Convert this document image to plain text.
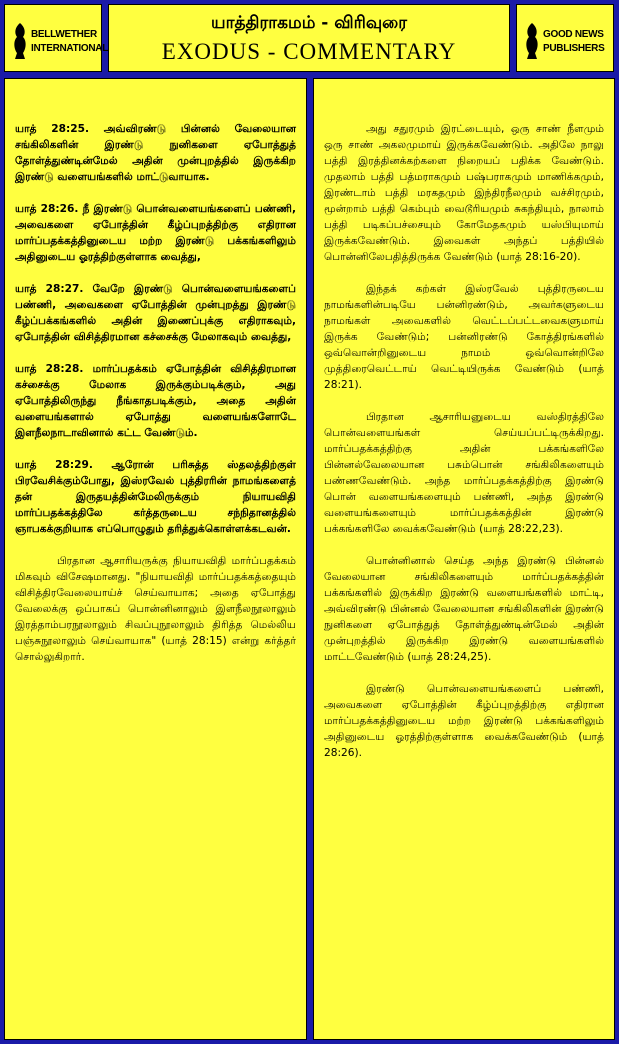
BELLWETHER
INTERNATIONAL
யாத்திராகமம் - விரிவுரை
EXODUS - COMMENTARY
GOOD NEWS
PUBLISHERS

யாத் 28:25. அவ்விரண்டு பின்னல் வேலையான சங்கிலிகளின் இரண்டு நுனிகளை ஏபோத்துத் தோள்த்துண்டின்மேல் அதின் முன்புறத்தில் இருக்கிற இரண்டு வளையங்களில் மாட்டுவாயாக.

யாத் 28:26. நீ இரண்டு பொன்வளையங்களைப் பண்ணி, அவைகளை ஏபோத்தின் கீழ்ப்புறத்திற்கு எதிரான மார்ப்பதக்கத்தினுடைய மற்ற இரண்டு பக்கங்களிலும் அதினுடைய ஓரத்திற்குள்ளாக வைத்து,

யாத் 28:27. வேறே இரண்டு பொன்வளையங்களைப் பண்ணி, அவைகளை ஏபோத்தின் முன்புறத்து இரண்டு கீழ்ப்பக்கங்களில் அதின் இணைப்புக்கு எதிராகவும், ஏபோத்தின் விசித்திரமான கச்சைக்கு மேலாகவும் வைத்து,

யாத் 28:28. மார்ப்பதக்கம் ஏபோத்தின் விசித்திரமான கச்சைக்கு மேலாக இருக்கும்படிக்கும், அது ஏபோத்திலிருந்து நீங்காதபடிக்கும், அதை அதின் வளையங்களால் ஏபோத்து வளையங்களோடே இளநீலநாடாவினால் கட்ட வேண்டும்.

யாத் 28:29. ஆரோன் பரிசுத்த ஸ்தலத்திற்குள் பிரவேசிக்கும்போது, இஸ்ரவேல் புத்திரரின் நாமங்களைத் தன் இருதயத்தின்மேலிருக்கும் நியாயவிதி மார்ப்பதக்கத்திலே கர்த்தருடைய சந்நிதானத்தில் ஞாபகக்குறியாக எப்பொழுதும் தரித்துக்கொள்ளக்கடவன்.

பிரதான ஆசாரியருக்கு நியாயவிதி மார்ப்பதக்கம் மிகவும் விசேஷமானது. "நியாயவிதி மார்ப்பதக்கத்தையும் விசித்திரவேலையாய்ச் செய்வாயாக; அதை ஏபோத்து வேலைக்கு ஒப்பாகப் பொன்னினாலும் இளநீலநூலாலும் இரத்தாம்பரநூலாலும் சிவப்புநூலாலும் திரித்த மெல்லிய பஞ்சுநூலாலும் செய்வாயாக" (யாத் 28:15) என்று கர்த்தர் சொல்லுகிறார்.

அது சதுரமும் இரட்டையும், ஒரு சாண் நீளமும் ஒரு சாண் அகலமுமாய் இருக்கவேண்டும். அதிலே நாலு பத்தி இரத்தினக்கற்களை நிறையப் பதிக்க வேண்டும். முதலாம் பத்தி பத்மராகமும் பஷ்பராகமும் மாணிக்கமும், இரண்டாம் பத்தி மரகதமும் இந்திரநீலமும் வச்சிரமும், மூன்றாம் பத்தி கெம்பும் வைடூரியமும் சுகந்தியும், நாலாம் பத்தி படிகப்பச்சையும் கோமேதகமும் யஸ்பியுமாய் இருக்கவேண்டும். இவைகள் அந்தப் பத்தியில் பொன்னிலேபதித்திருக்க வேண்டும் (யாத் 28:16-20).

இந்தக் கற்கள் இஸ்ரவேல் புத்திரருடைய நாமங்களின்படியே பன்னிரண்டும், அவர்களுடைய நாமங்கள் அவைகளில் வெட்டப்பட்டவைகளுமாய் இருக்க வேண்டும்; பன்னிரண்டு கோத்திரங்களில் ஒவ்வொன்றினுடைய நாமம் ஒவ்வொன்றிலே முத்திரைவெட்டாய் வெட்டியிருக்க வேண்டும் (யாத் 28:21).

பிரதான ஆசாரியனுடைய வஸ்திரத்திலே பொன்வளையங்கள் செய்யப்பட்டிருக்கிறது. மார்ப்பதக்கத்திற்கு அதின் பக்கங்களிலே பின்னல்வேலையான பசும்பொன் சங்கிலிகளையும் பண்ணவேண்டும். அந்த மார்ப்பதக்கத்திற்கு இரண்டு பொன் வளையங்களையும் பண்ணி, அந்த இரண்டு வளையங்களையும் மார்ப்பதக்கத்தின் இரண்டு பக்கங்களிலே வைக்கவேண்டும் (யாத் 28:22,23).

பொன்னினால் செய்த அந்த இரண்டு பின்னல் வேலையான சங்கிலிகளையும் மார்ப்பதக்கத்தின் பக்கங்களில் இருக்கிற இரண்டு வளையங்களில் மாட்டி, அவ்விரண்டு பின்னல் வேலையான சங்கிலிகளின் இரண்டு நுனிகளை ஏபோத்துத் தோள்த்துண்டின்மேல் அதின் முன்புறத்தில் இருக்கிற இரண்டு வளையங்களில் மாட்டவேண்டும் (யாத் 28:24,25).

இரண்டு பொன்வளையங்களைப் பண்ணி, அவைகளை ஏபோத்தின் கீழ்ப்புறத்திற்கு எதிரான மார்ப்பதக்கத்தினுடைய மற்ற இரண்டு பக்கங்களிலும் அதினுடைய ஓரத்திற்குள்ளாக வைக்கவேண்டும் (யாத் 28:26).
